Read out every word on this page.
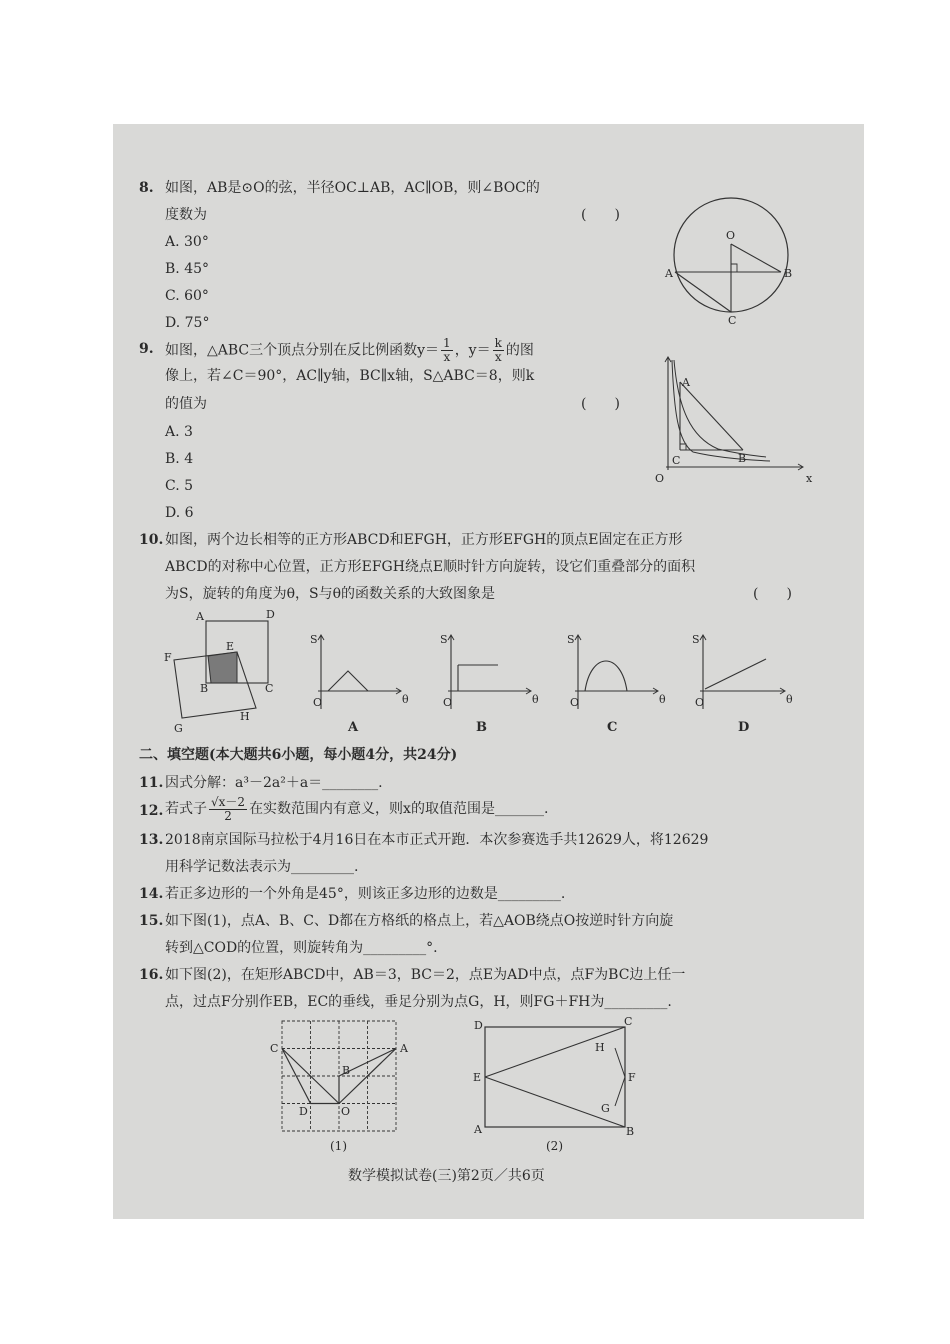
8. 如图，AB是⊙O的弦，半径OC⊥AB，AC∥OB，则∠BOC的
度数为	(　　)
A. 30°
B. 45°
C. 60°
D. 75°
O
A	B
C
9. 如图，△ABC三个顶点分别在反比例函数$y= \frac{1}{x}$ ，$y= \frac{k}{x}$ 的图
像上，若∠C＝90°，AC∥y轴，BC∥x轴，S△ABC＝8，则k
的值为	(　　)
A. 3
B. 4
C. 5
D. 6
A
B
C
O	x
10. 如图，两个边长相等的正方形ABCD和EFGH，正方形EFGH的顶点E固定在正方形
ABCD的对称中心位置，正方形EFGH绕点E顺时针方向旋转，设它们重叠部分的面积
为S，旋转的角度为θ，S与θ的函数关系的大致图象是	(　　)
A	D
E
F
B	C
H
G
S
θ
O
A
S
θ
O
B
S
θ
O
C
S
θ
O
D
二、填空题(本大题共6小题，每小题4分，共24分)
11. 因式分解：a³－2a²＋a＝________.
12. 若式子 $\frac{√x-2}{2}$ 在实数范围内有意义，则x的取值范围是_______.
13. 2018南京国际马拉松于4月16日在本市正式开跑．本次参赛选手共12629人，将12629
用科学记数法表示为_________.
14. 若正多边形的一个外角是45°，则该正多边形的边数是_________.
15. 如下图(1)，点A、B、C、D都在方格纸的格点上，若△AOB绕点O按逆时针方向旋
转到△COD的位置，则旋转角为_________°.
16. 如下图(2)，在矩形ABCD中，AB＝3，BC＝2，点E为AD中点，点F为BC边上任一
点，过点F分别作EB，EC的垂线，垂足分别为点G，H，则FG＋FH为_________.
C	A
B
D	O
(1)
D	C
H
E	F
G
A	B
(2)
数学模拟试卷(三)第2页／共6页
